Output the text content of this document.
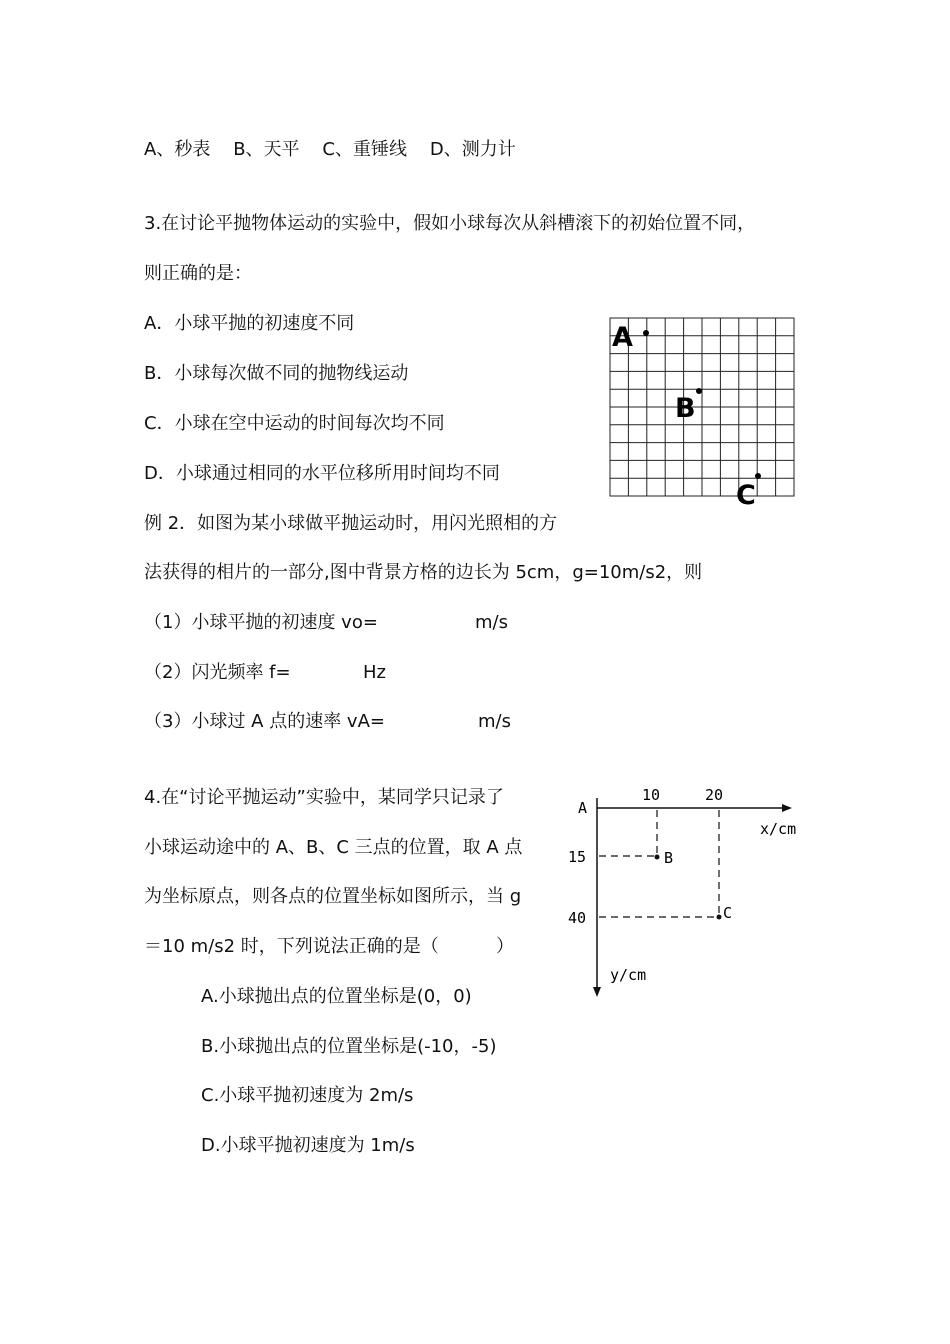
A、秒表    B、天平    C、重锤线    D、测力计
3.在讨论平抛物体运动的实验中，假如小球每次从斜槽滚下的初始位置不同，
则正确的是：
A．小球平抛的初速度不同
B．小球每次做不同的抛物线运动
C．小球在空中运动的时间每次均不同
D．小球通过相同的水平位移所用时间均不同
A
B
C
例 2．如图为某小球做平抛运动时，用闪光照相的方
法获得的相片的一部分,图中背景方格的边长为 5cm，g=10m/s2，则
（1）小球平抛的初速度 vo=	m/s
（2）闪光频率 f=	Hz
（3）小球过 A 点的速率 vA=	m/s
4.在“讨论平抛运动”实验中，某同学只记录了
小球运动途中的 A、B、C 三点的位置，取 A 点
为坐标原点，则各点的位置坐标如图所示，当 g
＝10 m/s2 时，下列说法正确的是（          ）
A.小球抛出点的位置坐标是(0，0)
B.小球抛出点的位置坐标是(-10，-5)
C.小球平抛初速度为 2m/s
D.小球平抛初速度为 1m/s
A
10	20
15
40
B
C
x/cm
y/cm
